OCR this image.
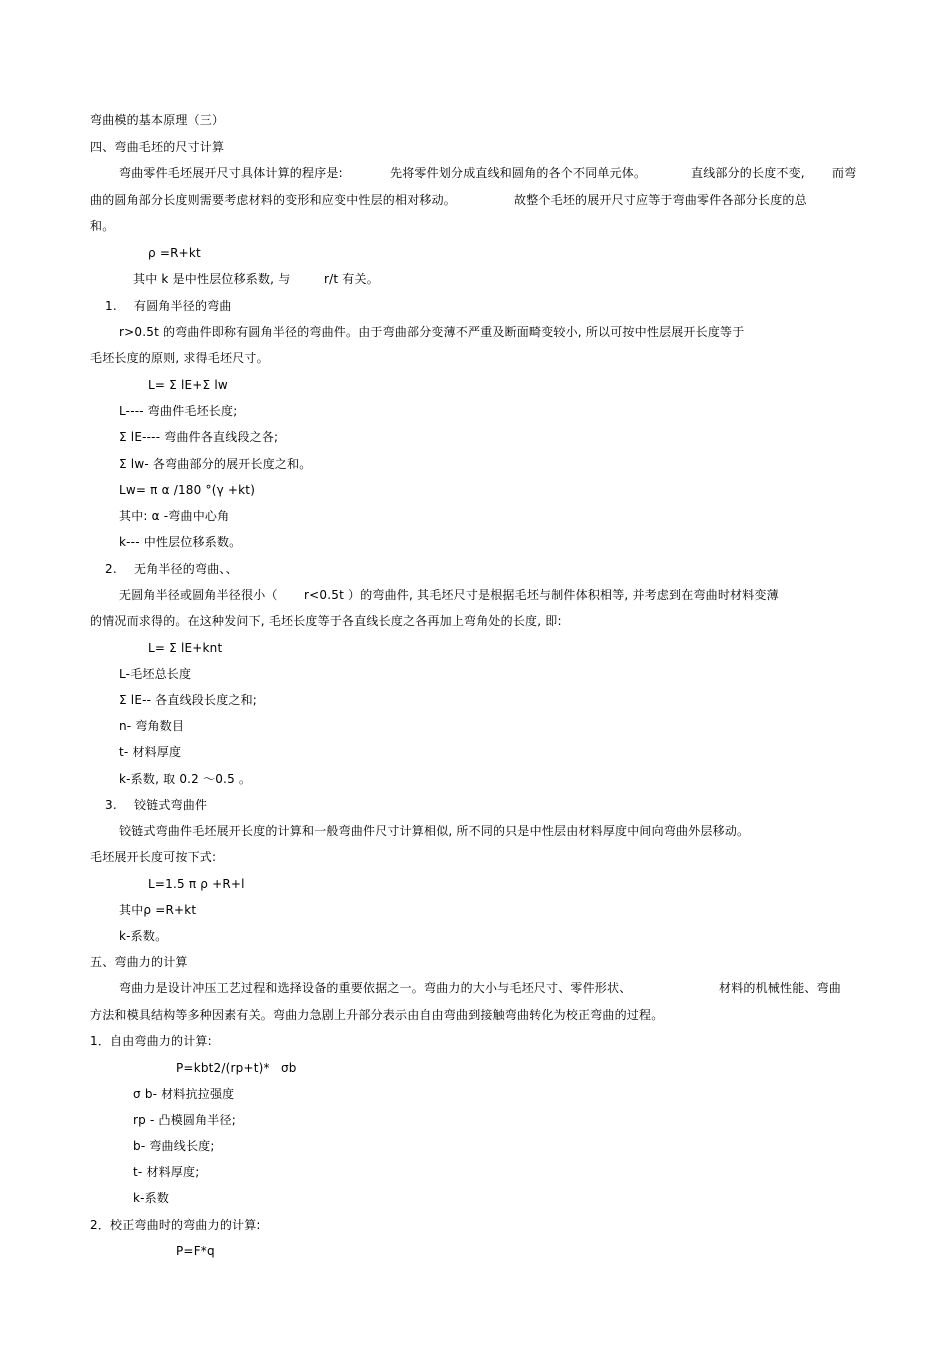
弯曲模的基本原理（三）
四、弯曲毛坯的尺寸计算
弯曲零件毛坯展开尺寸具体计算的程序是:	先将零件划分成直线和圆角的各个不同单元体。	直线部分的长度不变, 而弯
曲的圆角部分长度则需要考虑材料的变形和应变中性层的相对移动。	故整个毛坯的展开尺寸应等于弯曲零件各部分长度的总
和。
ρ =R+kt
其中 k 是中性层位移系数, 与	r/t 有关。
1. 有圆角半径的弯曲
r>0.5t 的弯曲件即称有圆角半径的弯曲件。由于弯曲部分变薄不严重及断面畸变较小, 所以可按中性层展开长度等于
毛坯长度的原则, 求得毛坯尺寸。
L= Σ lE+Σ lw
L---- 弯曲件毛坯长度;
Σ lE---- 弯曲件各直线段之各;
Σ lw- 各弯曲部分的展开长度之和。
Lw= π α /180 °(γ +kt)
其中: α -弯曲中心角
k--- 中性层位移系数。
2. 无角半径的弯曲、、
无圆角半径或圆角半径很小（ r<0.5t ）的弯曲件, 其毛坯尺寸是根据毛坯与制件体积相等, 并考虑到在弯曲时材料变薄
的情况而求得的。在这种发问下, 毛坯长度等于各直线长度之各再加上弯角处的长度, 即:
L= Σ lE+knt
L-毛坯总长度
Σ lE-- 各直线段长度之和;
n- 弯角数目
t- 材料厚度
k-系数, 取 0.2 ～0.5 。
3. 铰链式弯曲件
铰链式弯曲件毛坯展开长度的计算和一般弯曲件尺寸计算相似, 所不同的只是中性层由材料厚度中间向弯曲外层移动。
毛坯展开长度可按下式:
L=1.5 π ρ +R+l
其中ρ =R+kt
k-系数。
五、弯曲力的计算
弯曲力是设计冲压工艺过程和选择设备的重要依据之一。弯曲力的大小与毛坯尺寸、零件形状、	材料的机械性能、弯曲
方法和模具结构等多种因素有关。弯曲力急剧上升部分表示由自由弯曲到接触弯曲转化为校正弯曲的过程。
1．自由弯曲力的计算:
P=kbt2/(rp+t)* σb
σ b- 材料抗拉强度
rp - 凸模圆角半径;
b- 弯曲线长度;
t- 材料厚度;
k-系数
2．校正弯曲时的弯曲力的计算:
P=F*q
